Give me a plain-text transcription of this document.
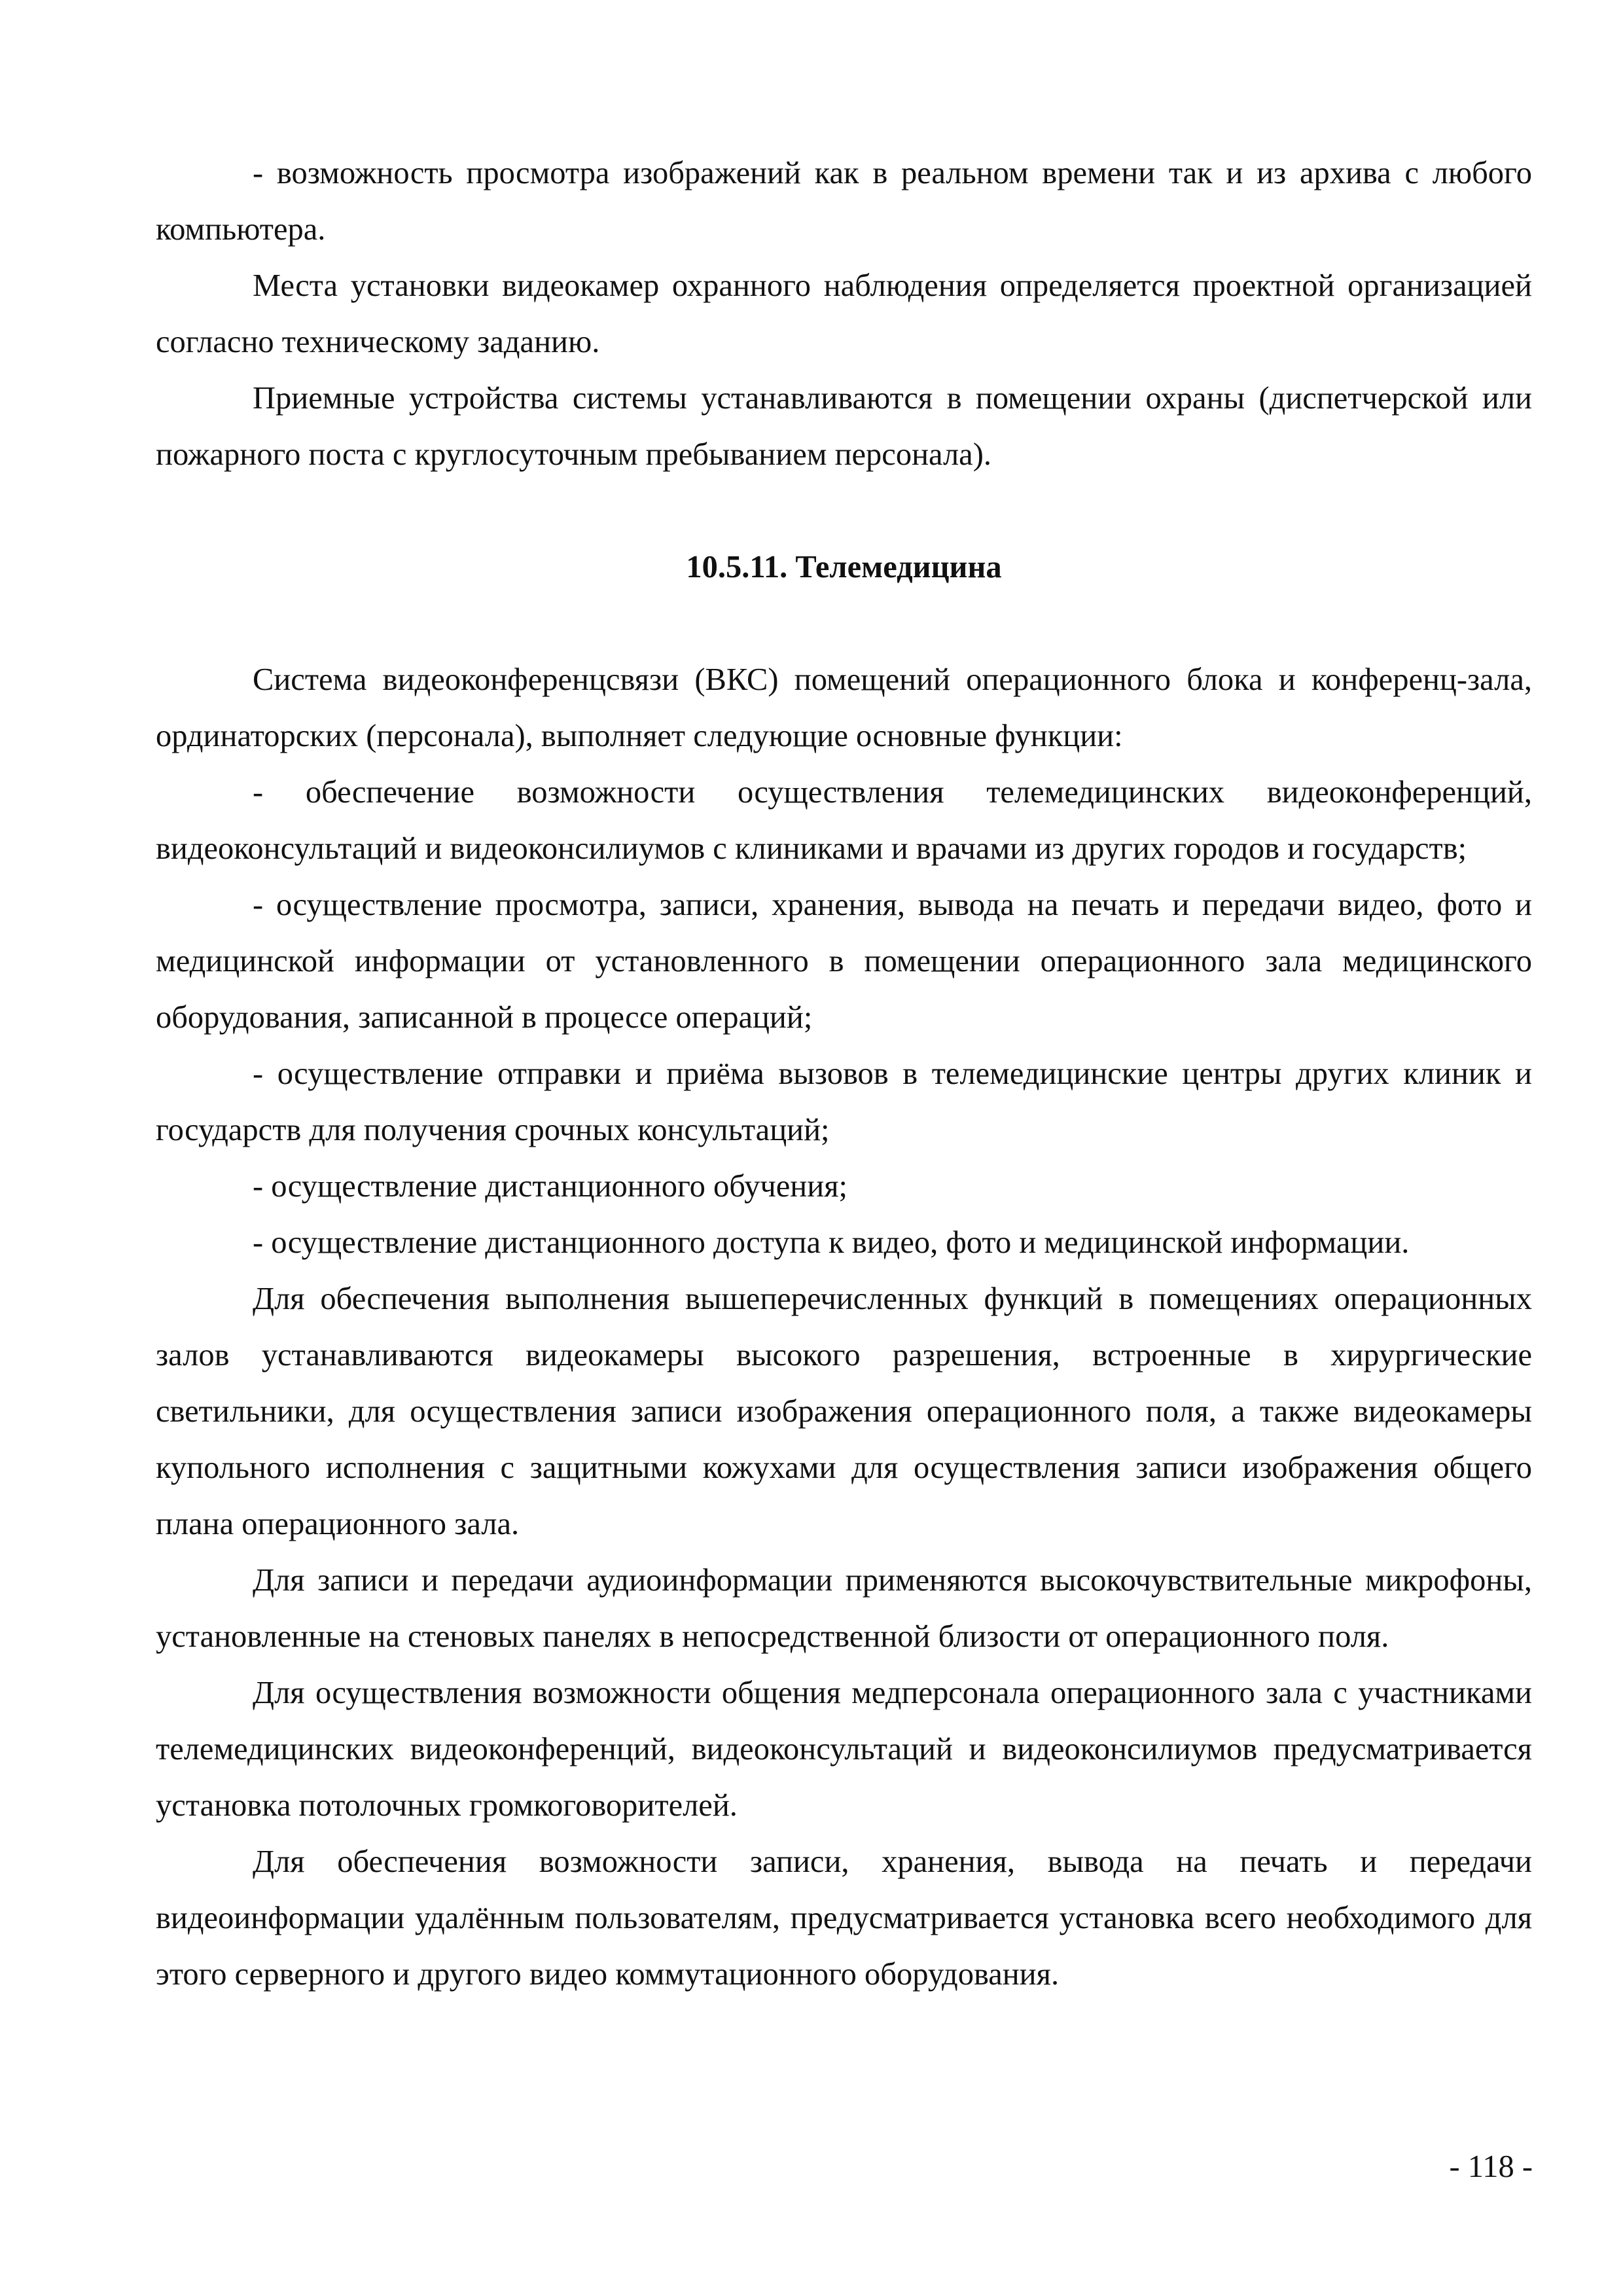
- возможность просмотра изображений как в реальном времени так и из архива с любого компьютера.

Места установки видеокамер охранного наблюдения определяется проектной организацией согласно техническому заданию.

Приемные устройства системы устанавливаются в помещении охраны (диспетчерской или пожарного поста с круглосуточным пребыванием персонала).

10.5.11. Телемедицина

Система видеоконференцсвязи (ВКС) помещений операционного блока и конференц-зала, ординаторских (персонала), выполняет следующие основные функции:

- обеспечение возможности осуществления телемедицинских видеоконференций, видеоконсультаций и видеоконсилиумов с клиниками и врачами из других городов и государств;

- осуществление просмотра, записи, хранения, вывода на печать и передачи видео, фото и медицинской информации от установленного в помещении операционного зала медицинского оборудования, записанной в процессе операций;

- осуществление отправки и приёма вызовов в телемедицинские центры других клиник и государств для получения срочных консультаций;

- осуществление дистанционного обучения;

- осуществление дистанционного доступа к видео, фото и медицинской информации.

Для обеспечения выполнения вышеперечисленных функций в помещениях операционных залов устанавливаются видеокамеры высокого разрешения, встроенные в хирургические светильники, для осуществления записи изображения операционного поля, а также видеокамеры купольного исполнения с защитными кожухами для осуществления записи изображения общего плана операционного зала.

Для записи и передачи аудиоинформации применяются высокочувствительные микрофоны, установленные на стеновых панелях в непосредственной близости от операционного поля.

Для осуществления возможности общения медперсонала операционного зала с участниками телемедицинских видеоконференций, видеоконсультаций и видеоконсилиумов предусматривается установка потолочных громкоговорителей.

Для обеспечения возможности записи, хранения, вывода на печать и передачи видеоинформации удалённым пользователям, предусматривается установка всего необходимого для этого серверного и другого видео коммутационного оборудования.

- 118 -
